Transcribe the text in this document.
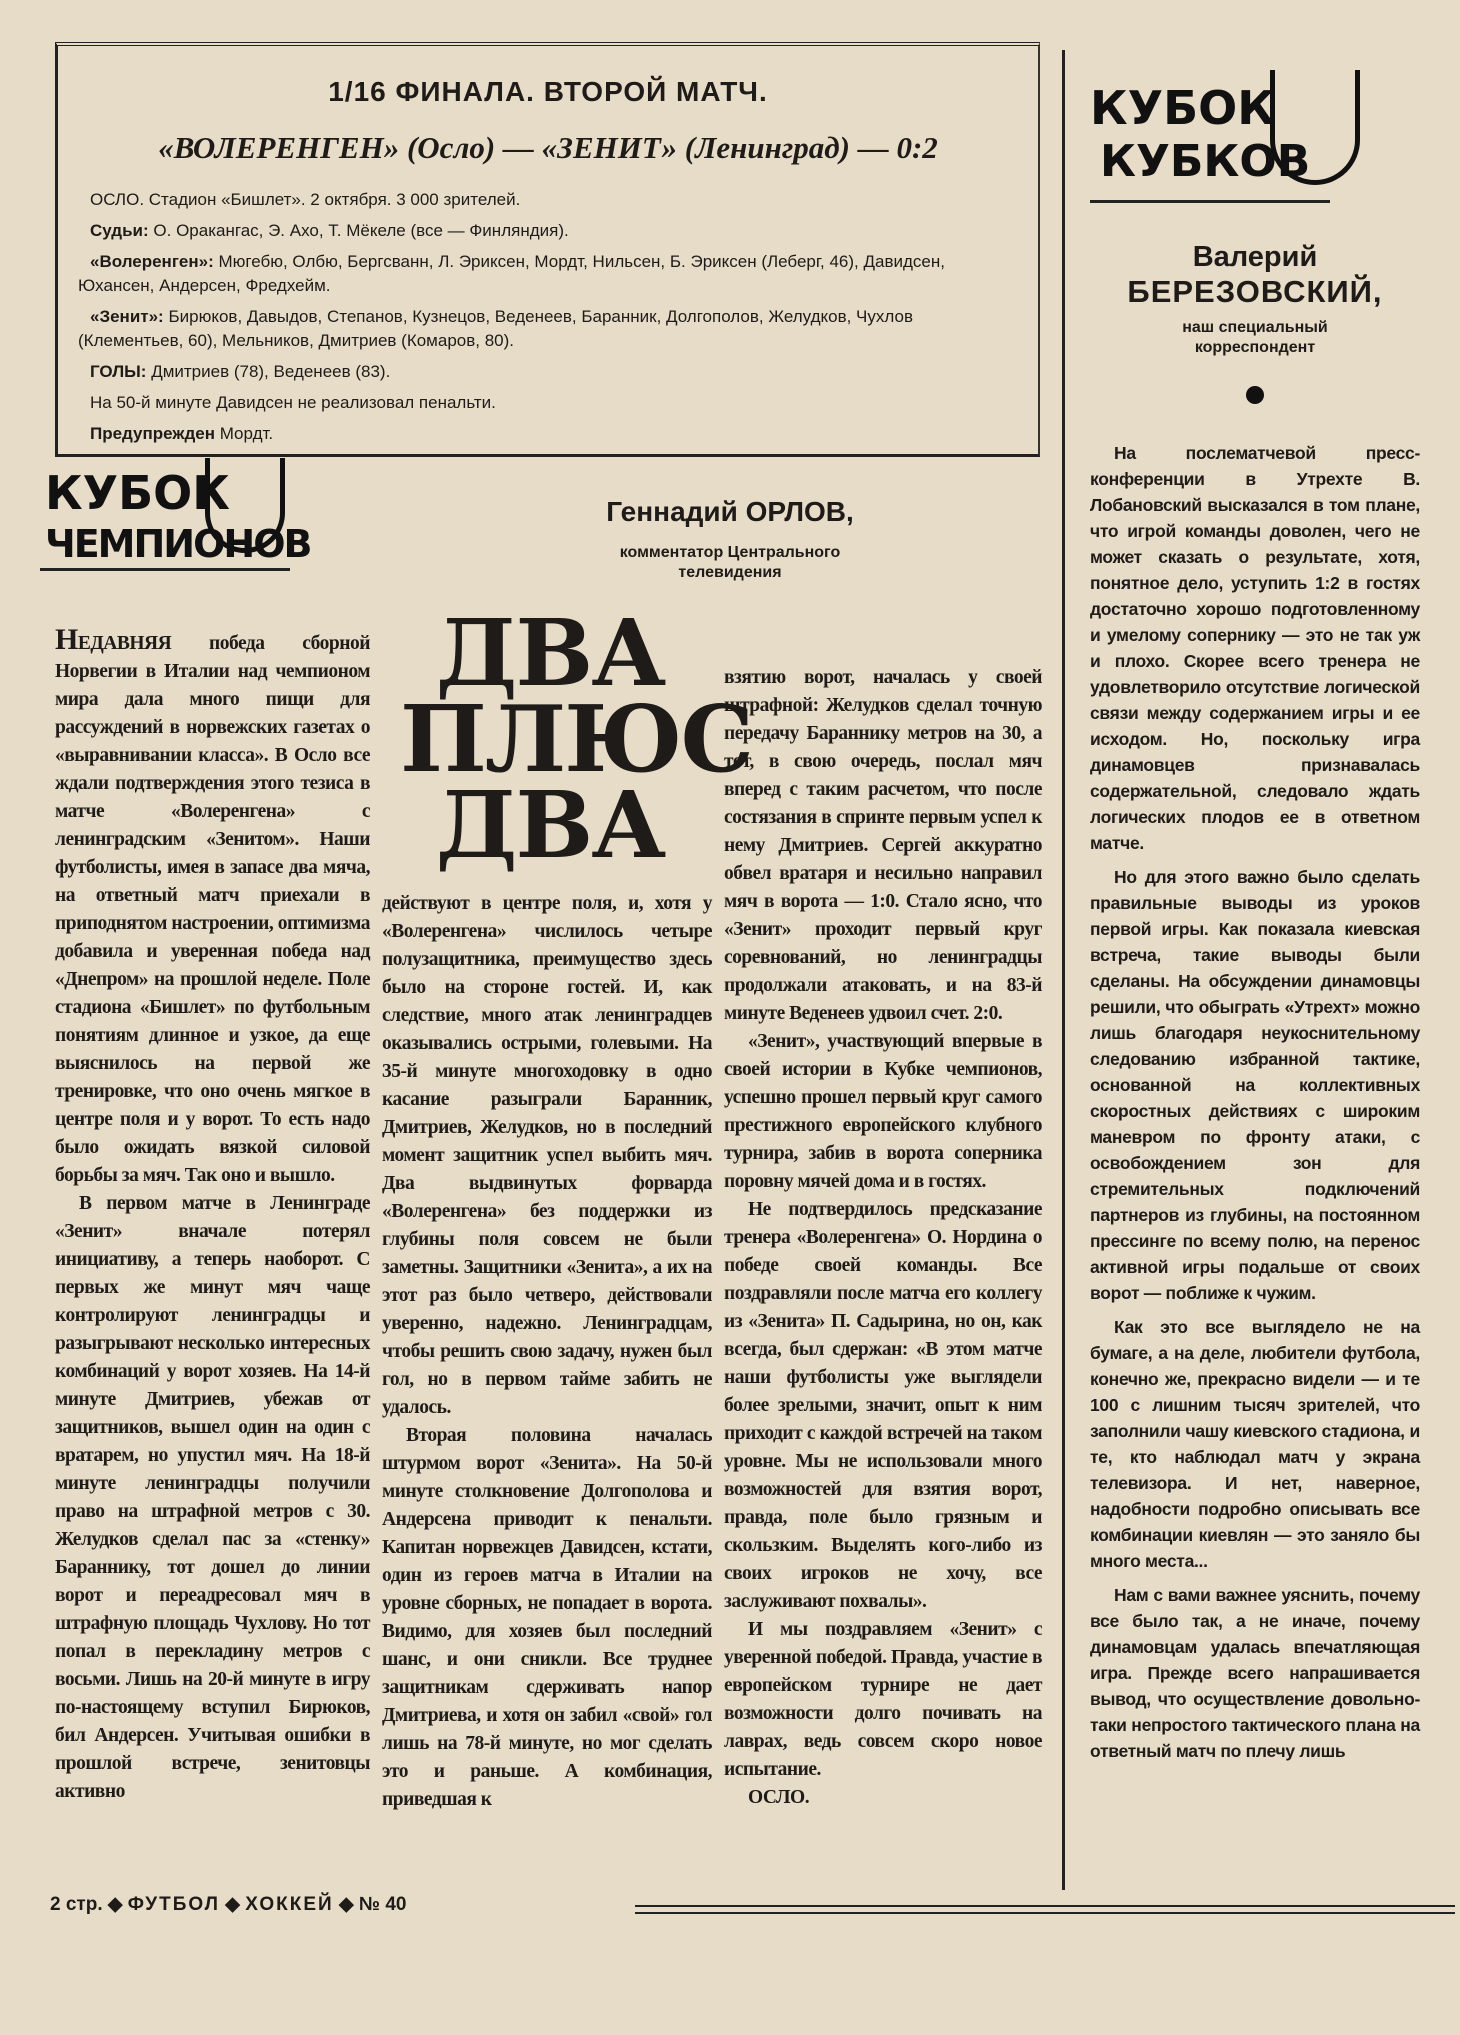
1/16 ФИНАЛА. ВТОРОЙ МАТЧ.
«ВОЛЕРЕНГЕН» (Осло) — «ЗЕНИТ» (Ленинград) — 0:2

ОСЛО. Стадион «Бишлет». 2 октября. 3 000 зрителей.

Судьи: О. Оракангас, Э. Ахо, Т. Мёкеле (все — Финляндия).

«Волеренген»: Мюгебю, Олбю, Бергсванн, Л. Эриксен, Мордт, Нильсен, Б. Эриксен (Леберг, 46), Давидсен, Юхансен, Андерсен, Фредхейм.

«Зенит»: Бирюков, Давыдов, Степанов, Кузнецов, Веденеев, Баранник, Долгополов, Желудков, Чухлов (Клементьев, 60), Мельников, Дмитриев (Комаров, 80).

ГОЛЫ: Дмитриев (78), Веденеев (83).

На 50-й минуте Давидсен не реализовал пенальти.

Предупрежден Мордт.

КУБОК
ЧЕМПИОНОВ
КУБОК
КУБКОВ
Валерий
БЕРЕЗОВСКИЙ,
наш специальный корреспондент

На послематчевой пресс-конференции в Утрехте В. Лобановский высказался в том плане, что игрой команды доволен, чего не может сказать о результате, хотя, понятное дело, уступить 1:2 в гостях достаточно хорошо подготовленному и умелому сопернику — это не так уж и плохо. Скорее всего тренера не удовлетворило отсутствие логической связи между содержанием игры и ее исходом. Но, поскольку игра динамовцев признавалась содержательной, следовало ждать логических плодов ее в ответном матче.

Но для этого важно было сделать правильные выводы из уроков первой игры. Как показала киевская встреча, такие выводы были сделаны. На обсуждении динамовцы решили, что обыграть «Утрехт» можно лишь благодаря неукоснительному следованию избранной тактике, основанной на коллективных скоростных действиях с широким маневром по фронту атаки, с освобождением зон для стремительных подключений партнеров из глубины, на постоянном прессинге по всему полю, на перенос активной игры подальше от своих ворот — поближе к чужим.

Как это все выглядело не на бумаге, а на деле, любители футбола, конечно же, прекрасно видели — и те 100 с лишним тысяч зрителей, что заполнили чашу киевского стадиона, и те, кто наблюдал матч у экрана телевизора. И нет, наверное, надобности подробно описывать все комбинации киевлян — это заняло бы много места...

Нам с вами важнее уяснить, почему все было так, а не иначе, почему динамовцам удалась впечатляющая игра. Прежде всего напрашивается вывод, что осуществление довольно-таки непростого тактического плана на ответный матч по плечу лишь

Геннадий ОРЛОВ,
комментатор Центрального телевидения
ДВА
ПЛЮС
ДВА

НЕДАВНЯЯ победа сборной Норвегии в Италии над чемпионом мира дала много пищи для рассуждений в норвежских газетах о «выравнивании класса». В Осло все ждали подтверждения этого тезиса в матче «Волеренгена» с ленинградским «Зенитом». Наши футболисты, имея в запасе два мяча, на ответный матч приехали в приподнятом настроении, оптимизма добавила и уверенная победа над «Днепром» на прошлой неделе. Поле стадиона «Бишлет» по футбольным понятиям длинное и узкое, да еще выяснилось на первой же тренировке, что оно очень мягкое в центре поля и у ворот. То есть надо было ожидать вязкой силовой борьбы за мяч. Так оно и вышло.

В первом матче в Ленинграде «Зенит» вначале потерял инициативу, а теперь наоборот. С первых же минут мяч чаще контролируют ленинградцы и разыгрывают несколько интересных комбинаций у ворот хозяев. На 14-й минуте Дмитриев, убежав от защитников, вышел один на один с вратарем, но упустил мяч. На 18-й минуте ленинградцы получили право на штрафной метров с 30. Желудков сделал пас за «стенку» Бараннику, тот дошел до линии ворот и переадресовал мяч в штрафную площадь Чухлову. Но тот попал в перекладину метров с восьми. Лишь на 20-й минуте в игру по-настоящему вступил Бирюков, бил Андерсен. Учитывая ошибки в прошлой встрече, зенитовцы активно

действуют в центре поля, и, хотя у «Волеренгена» числилось четыре полузащитника, преимущество здесь было на стороне гостей. И, как следствие, много атак ленинградцев оказывались острыми, голевыми. На 35-й минуте многоходовку в одно касание разыграли Баранник, Дмитриев, Желудков, но в последний момент защитник успел выбить мяч. Два выдвинутых форварда «Волеренгена» без поддержки из глубины поля совсем не были заметны. Защитники «Зенита», а их на этот раз было четверо, действовали уверенно, надежно. Ленинградцам, чтобы решить свою задачу, нужен был гол, но в первом тайме забить не удалось.

Вторая половина началась штурмом ворот «Зенита». На 50-й минуте столкновение Долгополова и Андерсена приводит к пенальти. Капитан норвежцев Давидсен, кстати, один из героев матча в Италии на уровне сборных, не попадает в ворота. Видимо, для хозяев был последний шанс, и они сникли. Все труднее защитникам сдерживать напор Дмитриева, и хотя он забил «свой» гол лишь на 78-й минуте, но мог сделать это и раньше. А комбинация, приведшая к

взятию ворот, началась у своей штрафной: Желудков сделал точную передачу Бараннику метров на 30, а тот, в свою очередь, послал мяч вперед с таким расчетом, что после состязания в спринте первым успел к нему Дмитриев. Сергей аккуратно обвел вратаря и несильно направил мяч в ворота — 1:0. Стало ясно, что «Зенит» проходит первый круг соревнований, но ленинградцы продолжали атаковать, и на 83-й минуте Веденеев удвоил счет. 2:0.

«Зенит», участвующий впервые в своей истории в Кубке чемпионов, успешно прошел первый круг самого престижного европейского клубного турнира, забив в ворота соперника поровну мячей дома и в гостях.

Не подтвердилось предсказание тренера «Волеренгена» О. Нордина о победе своей команды. Все поздравляли после матча его коллегу из «Зенита» П. Садырина, но он, как всегда, был сдержан: «В этом матче наши футболисты уже выглядели более зрелыми, значит, опыт к ним приходит с каждой встречей на таком уровне. Мы не использовали много возможностей для взятия ворот, правда, поле было грязным и скользким. Выделять кого-либо из своих игроков не хочу, все заслуживают похвалы».

И мы поздравляем «Зенит» с уверенной победой. Правда, участие в европейском турнире не дает возможности долго почивать на лаврах, ведь совсем скоро новое испытание.

ОСЛО.

2 стр. ◆ ФУТБОЛ ◆ ХОККЕЙ ◆ № 40
